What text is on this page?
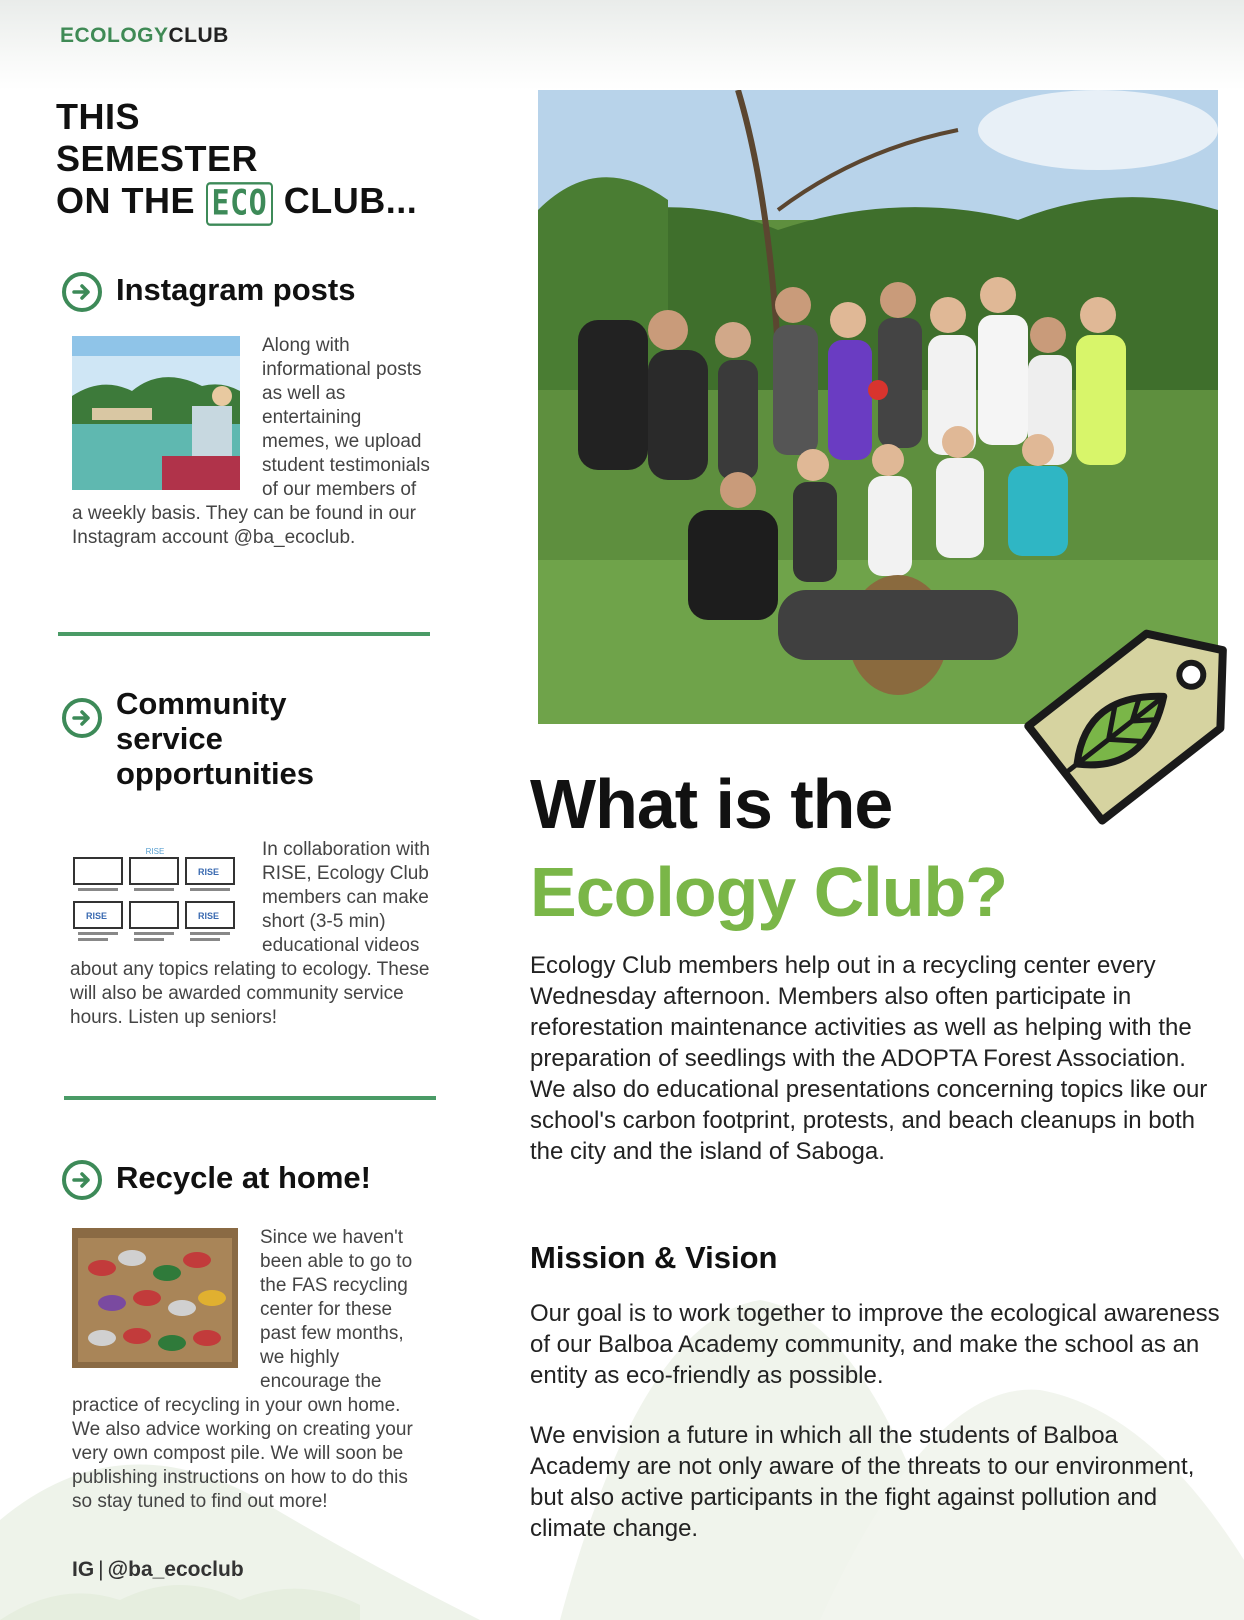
ECOLOGYCLUB
THIS
SEMESTER
ON THE ECO CLUB...
Instagram posts
Along with informational posts as well as entertaining memes, we upload student testimonials of our members of a weekly basis. They can be found in our Instagram account @ba_ecoclub.
Community
service
opportunities
RISE
RISE
RISE	RISE
In collaboration with RISE, Ecology Club members can make short (3-5 min) educational videos about any topics relating to ecology. These will also be awarded community service hours. Listen up seniors!
Recycle at home!
Since we haven't been able to go to the FAS recycling center for these past few months, we highly encourage the practice of recycling in your own home. We also advice working on creating your very own compost pile. We will soon be publishing instructions on how to do this so stay tuned to find out more!
IG | @ba_ecoclub
What is the
Ecology Club?
Ecology Club members help out in a recycling center every Wednesday afternoon. Members also often participate in reforestation maintenance activities as well as helping with the preparation of seedlings with the ADOPTA Forest Association. We also do educational presentations concerning topics like our school's carbon footprint, protests, and beach cleanups in both the city and the island of Saboga.
Mission & Vision
Our goal is to work together to improve the ecological awareness of our Balboa Academy community, and make the school as an entity as eco-friendly as possible.
We envision a future in which all the students of Balboa Academy are not only aware of the threats to our environment, but also active participants in the fight against pollution and climate change.
